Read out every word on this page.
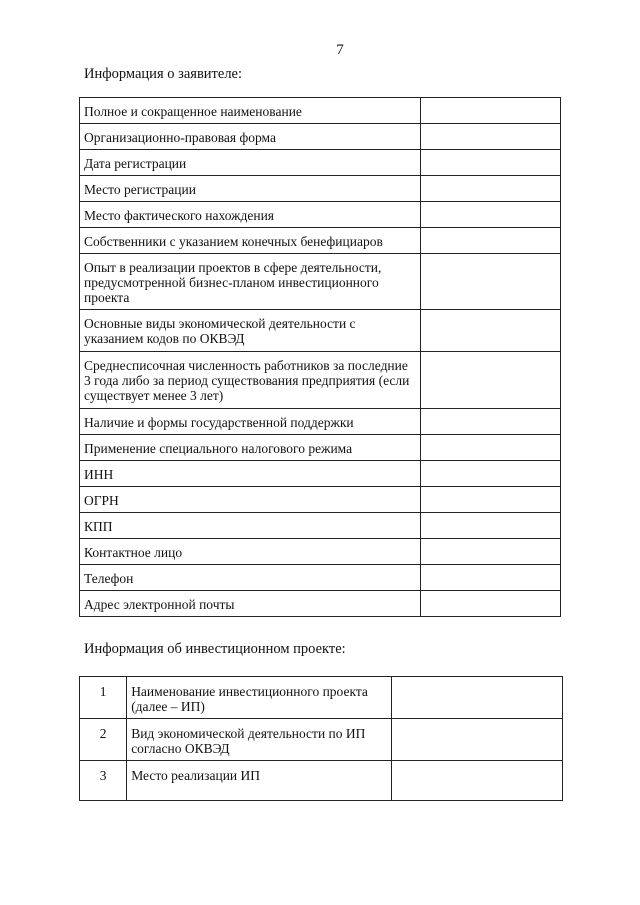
7
Информация о заявителе:
Полное и сокращенное наименование	
Организационно-правовая форма	
Дата регистрации	
Место регистрации	
Место фактического нахождения	
Собственники с указанием конечных бенефициаров	
Опыт в реализации проектов в сфере деятельности, предусмотренной бизнес-планом инвестиционного проекта	
Основные виды экономической деятельности с указанием кодов по ОКВЭД	
Среднесписочная численность работников за последние 3 года либо за период существования предприятия (если существует менее 3 лет)	
Наличие и формы государственной поддержки	
Применение специального налогового режима	
ИНН	
ОГРН	
КПП	
Контактное лицо	
Телефон	
Адрес электронной почты	
Информация об инвестиционном проекте:
1	Наименование инвестиционного проекта (далее – ИП)	
2	Вид экономической деятельности по ИП согласно ОКВЭД	
3	Место реализации ИП	
